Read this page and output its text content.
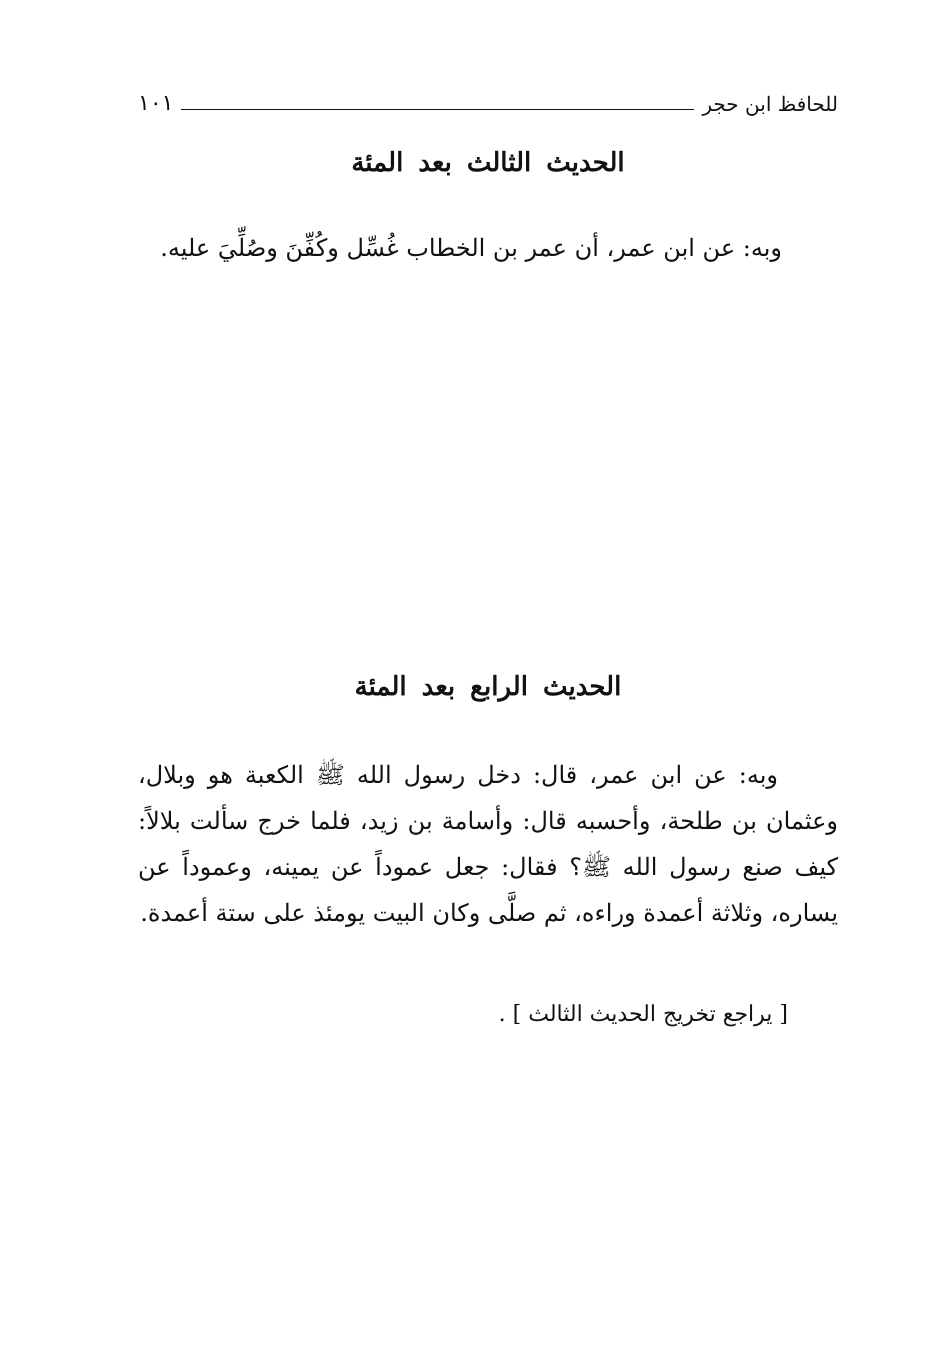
للحافظ ابن حجر
١٠١
الحديث الثالث بعد المئة
وبه: عن ابن عمر، أن عمر بن الخطاب غُسِّل وكُفِّنَ وصُلِّيَ عليه.
الحديث الرابع بعد المئة
وبه: عن ابن عمر، قال: دخل رسول الله ﷺ الكعبة هو وبلال، وعثمان بن طلحة، وأحسبه قال: وأسامة بن زيد، فلما خرج سألت بلالاً: كيف صنع رسول الله ﷺ؟ فقال: جعل عموداً عن يمينه، وعموداً عن يساره، وثلاثة أعمدة وراءه، ثم صلَّى وكان البيت يومئذ على ستة أعمدة.
[ يراجع تخريج الحديث الثالث ] .
